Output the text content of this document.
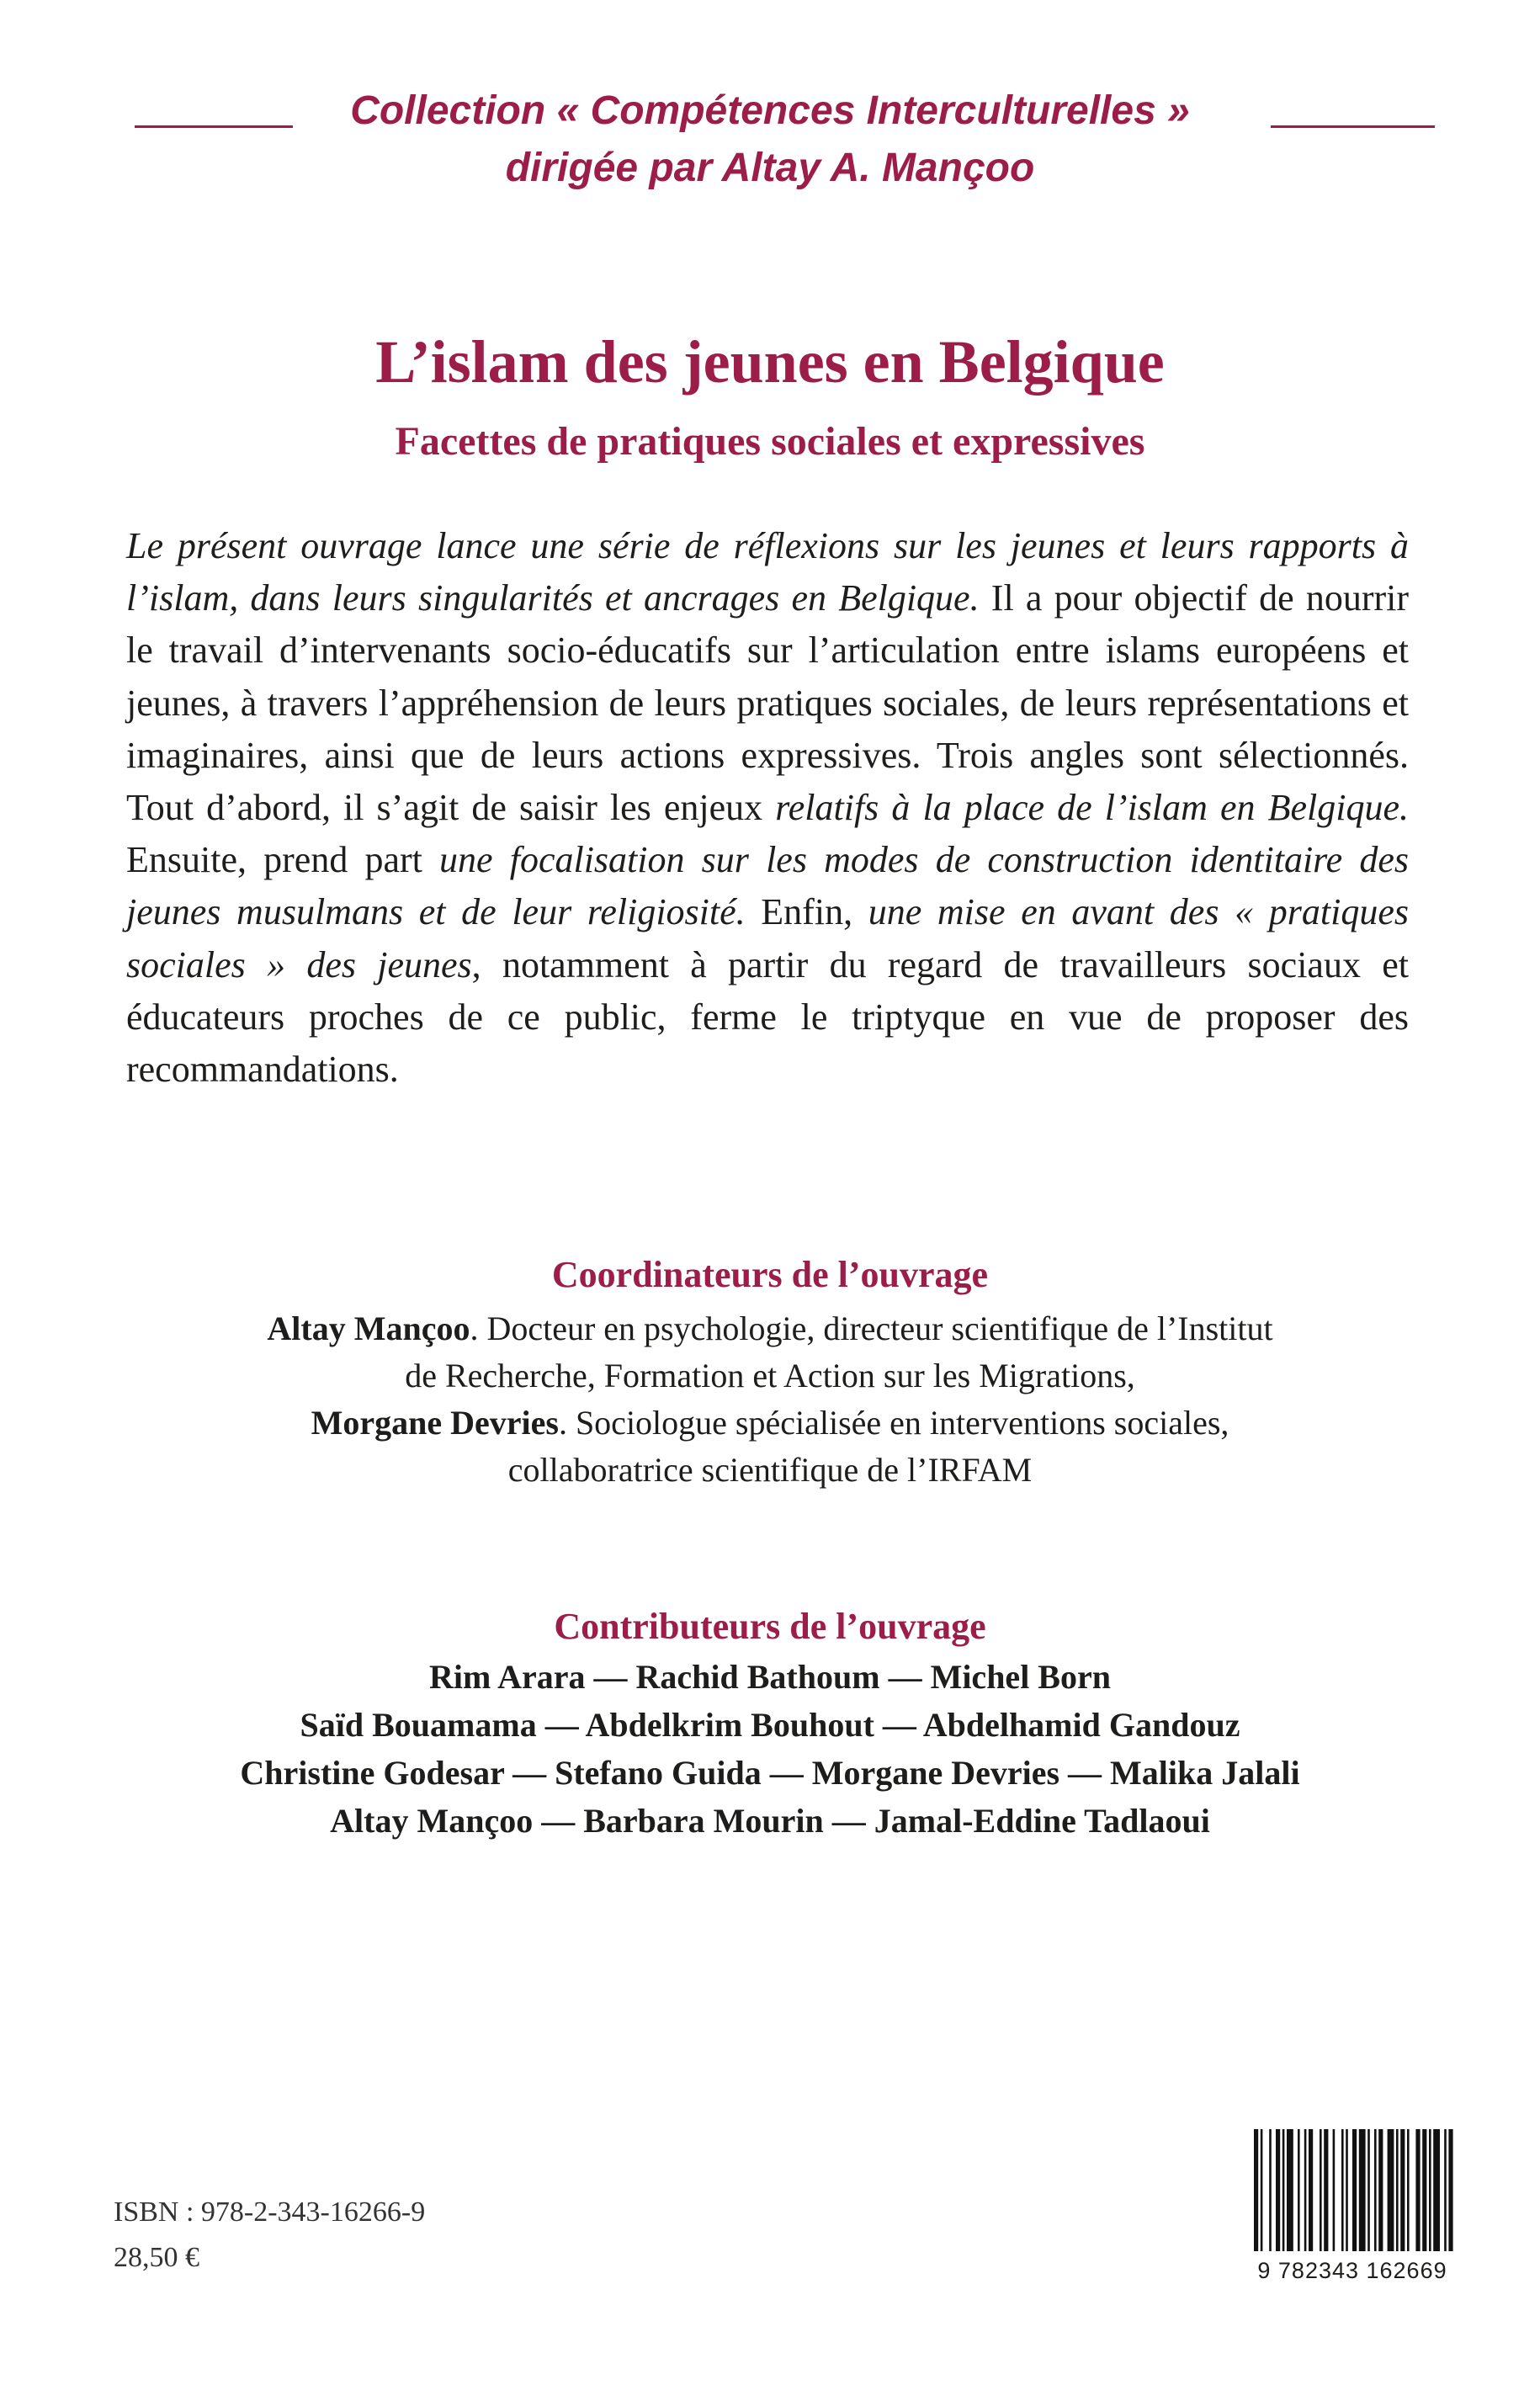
Collection « Compétences Interculturelles »
dirigée par Altay A. Mançoo
L’islam des jeunes en Belgique
Facettes de pratiques sociales et expressives

Le présent ouvrage lance une série de réflexions sur les jeunes et leurs rapports à l’islam, dans leurs singularités et ancrages en Belgique. Il a pour objectif de nourrir le travail d’intervenants socio-éducatifs sur l’articulation entre islams européens et jeunes, à travers l’appréhension de leurs pratiques sociales, de leurs représentations et imaginaires, ainsi que de leurs actions expressives. Trois angles sont sélectionnés. Tout d’abord, il s’agit de saisir les enjeux relatifs à la place de l’islam en Belgique. Ensuite, prend part une focalisation sur les modes de construction identitaire des jeunes musulmans et de leur religiosité. Enfin, une mise en avant des « pratiques sociales » des jeunes, notamment à partir du regard de travailleurs sociaux et éducateurs proches de ce public, ferme le triptyque en vue de proposer des recommandations.

Coordinateurs de l’ouvrage
Altay Mançoo. Docteur en psychologie, directeur scientifique de l’Institut
de Recherche, Formation et Action sur les Migrations,
Morgane Devries. Sociologue spécialisée en interventions sociales,
collaboratrice scientifique de l’IRFAM
Contributeurs de l’ouvrage
Rim Arara — Rachid Bathoum — Michel Born
Saïd Bouamama — Abdelkrim Bouhout — Abdelhamid Gandouz
Christine Godesar — Stefano Guida — Morgane Devries — Malika Jalali
Altay Mançoo — Barbara Mourin — Jamal-Eddine Tadlaoui
ISBN : 978-2-343-16266-9
28,50 €	9 782343 162669
